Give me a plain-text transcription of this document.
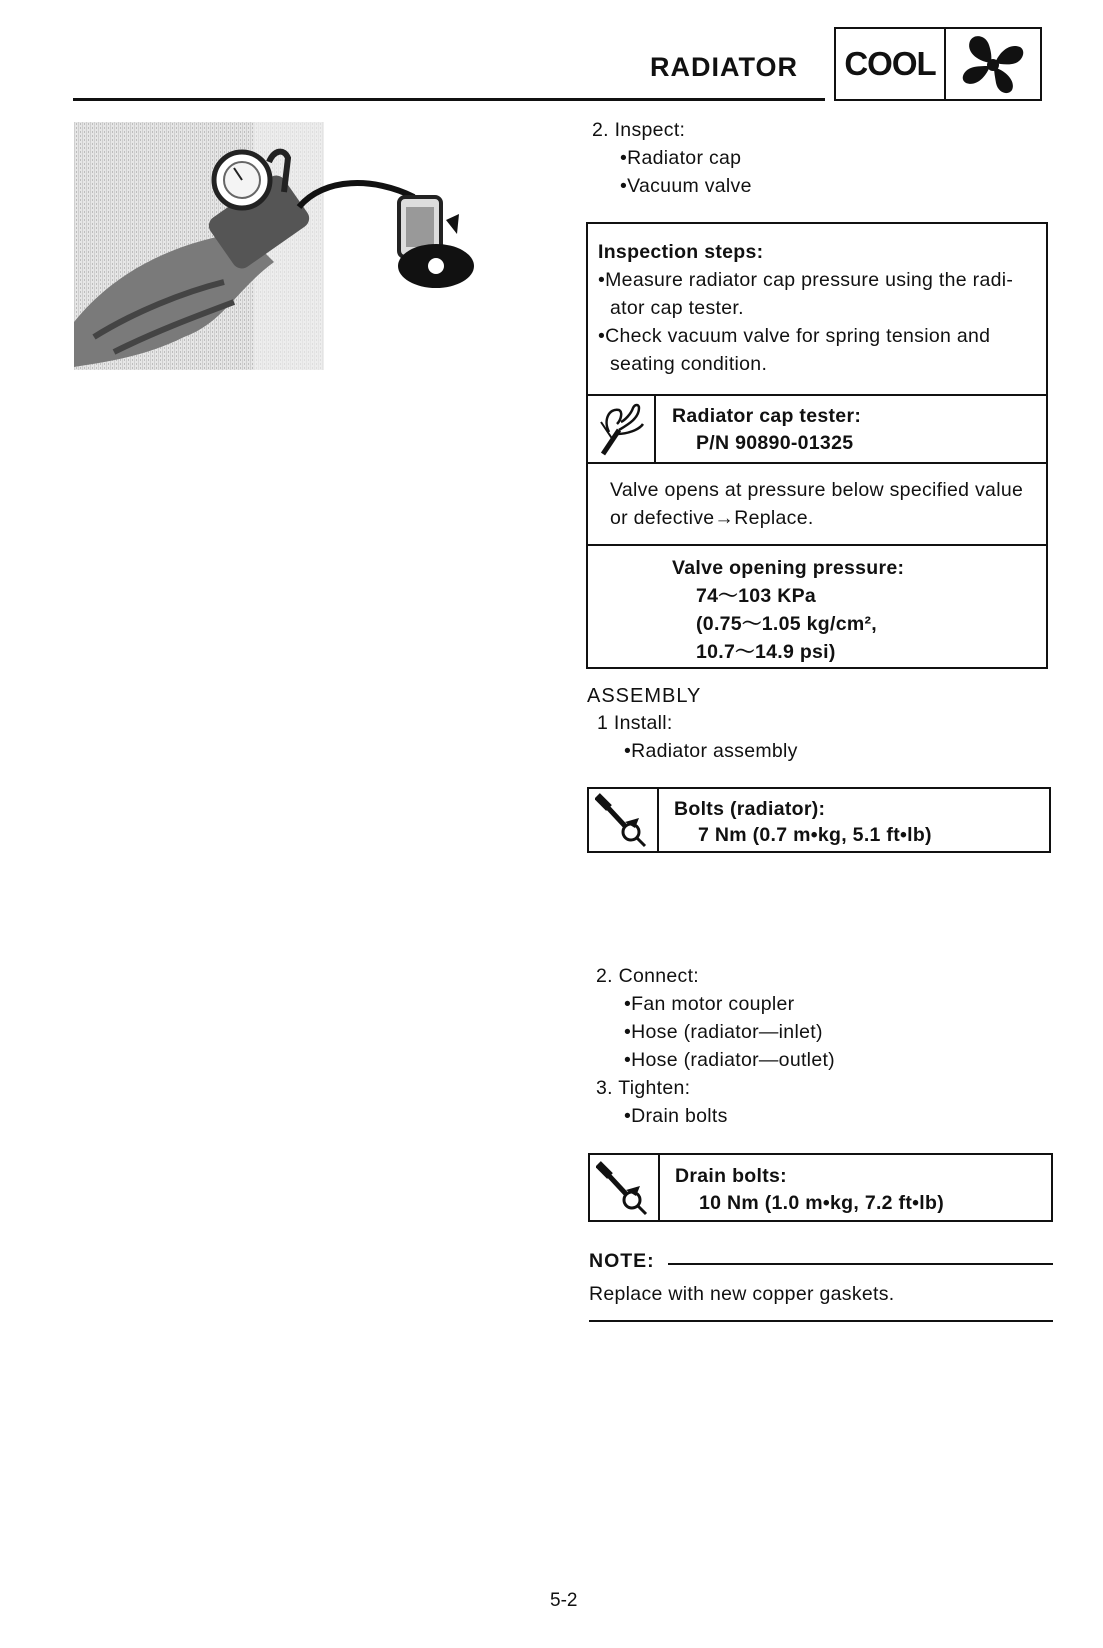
RADIATOR COOL
2. Inspect:
•Radiator cap
•Vacuum valve
Inspection steps:
•Measure radiator cap pressure using the radi-
ator cap tester.
•Check vacuum valve for spring tension and
seating condition.
Radiator cap tester:
P/N 90890-01325
Valve opens at pressure below specified value
or defective→Replace.
Valve opening pressure:
74～103 KPa
(0.75～1.05 kg/cm²,
10.7～14.9 psi)
ASSEMBLY
1 Install:
•Radiator assembly
Bolts (radiator):
7 Nm (0.7 m•kg, 5.1 ft•lb)
2. Connect:
•Fan motor coupler
•Hose (radiator—inlet)
•Hose (radiator—outlet)
3. Tighten:
•Drain bolts
Drain bolts:
10 Nm (1.0 m•kg, 7.2 ft•lb)
NOTE:
Replace with new copper gaskets.
5-2
